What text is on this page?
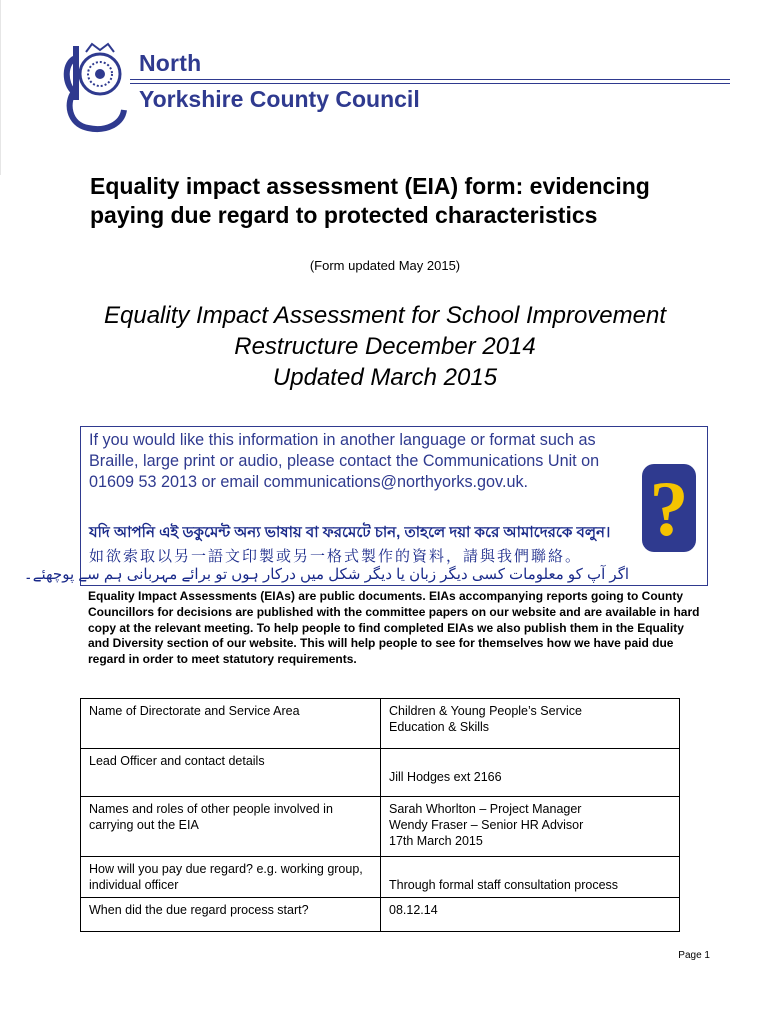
North
Yorkshire County Council
Equality impact assessment (EIA) form: evidencing paying due regard to protected characteristics
(Form updated May 2015)
Equality Impact Assessment for School Improvement
Restructure December 2014
Updated March 2015
If you would like this information in another language or format such as Braille, large print or audio, please contact the Communications Unit on 01609 53 2013 or email communications@northyorks.gov.uk.
যদি আপনি এই ডকুমেন্ট অন্য ভাষায় বা ফরমেটে চান, তাহলে দয়া করে আমাদেরকে বলুন।
如欲索取以另一語文印製或另一格式製作的資料，請與我們聯絡。
اگر آپ کو معلومات کسی دیگر زبان یا دیگر شکل میں درکار ہوں تو برائے مہربانی ہم سے پوچھئے۔
?
Equality Impact Assessments (EIAs) are public documents. EIAs accompanying reports going to County Councillors for decisions are published with the committee papers on our website and are available in hard copy at the relevant meeting. To help people to find completed EIAs we also publish them in the Equality and Diversity section of our website. This will help people to see for themselves how we have paid due regard in order to meet statutory requirements.
Name of Directorate and Service Area	Children & Young People’s Service
Education & Skills

Lead Officer and contact details	Jill Hodges ext 2166

Names and roles of other people involved in carrying out the EIA	Sarah Whorlton – Project Manager
Wendy Fraser – Senior HR Advisor
17th March 2015

How will you pay due regard? e.g. working group, individual officer	Through formal staff consultation process

When did the due regard process start?	08.12.14
Page 1
